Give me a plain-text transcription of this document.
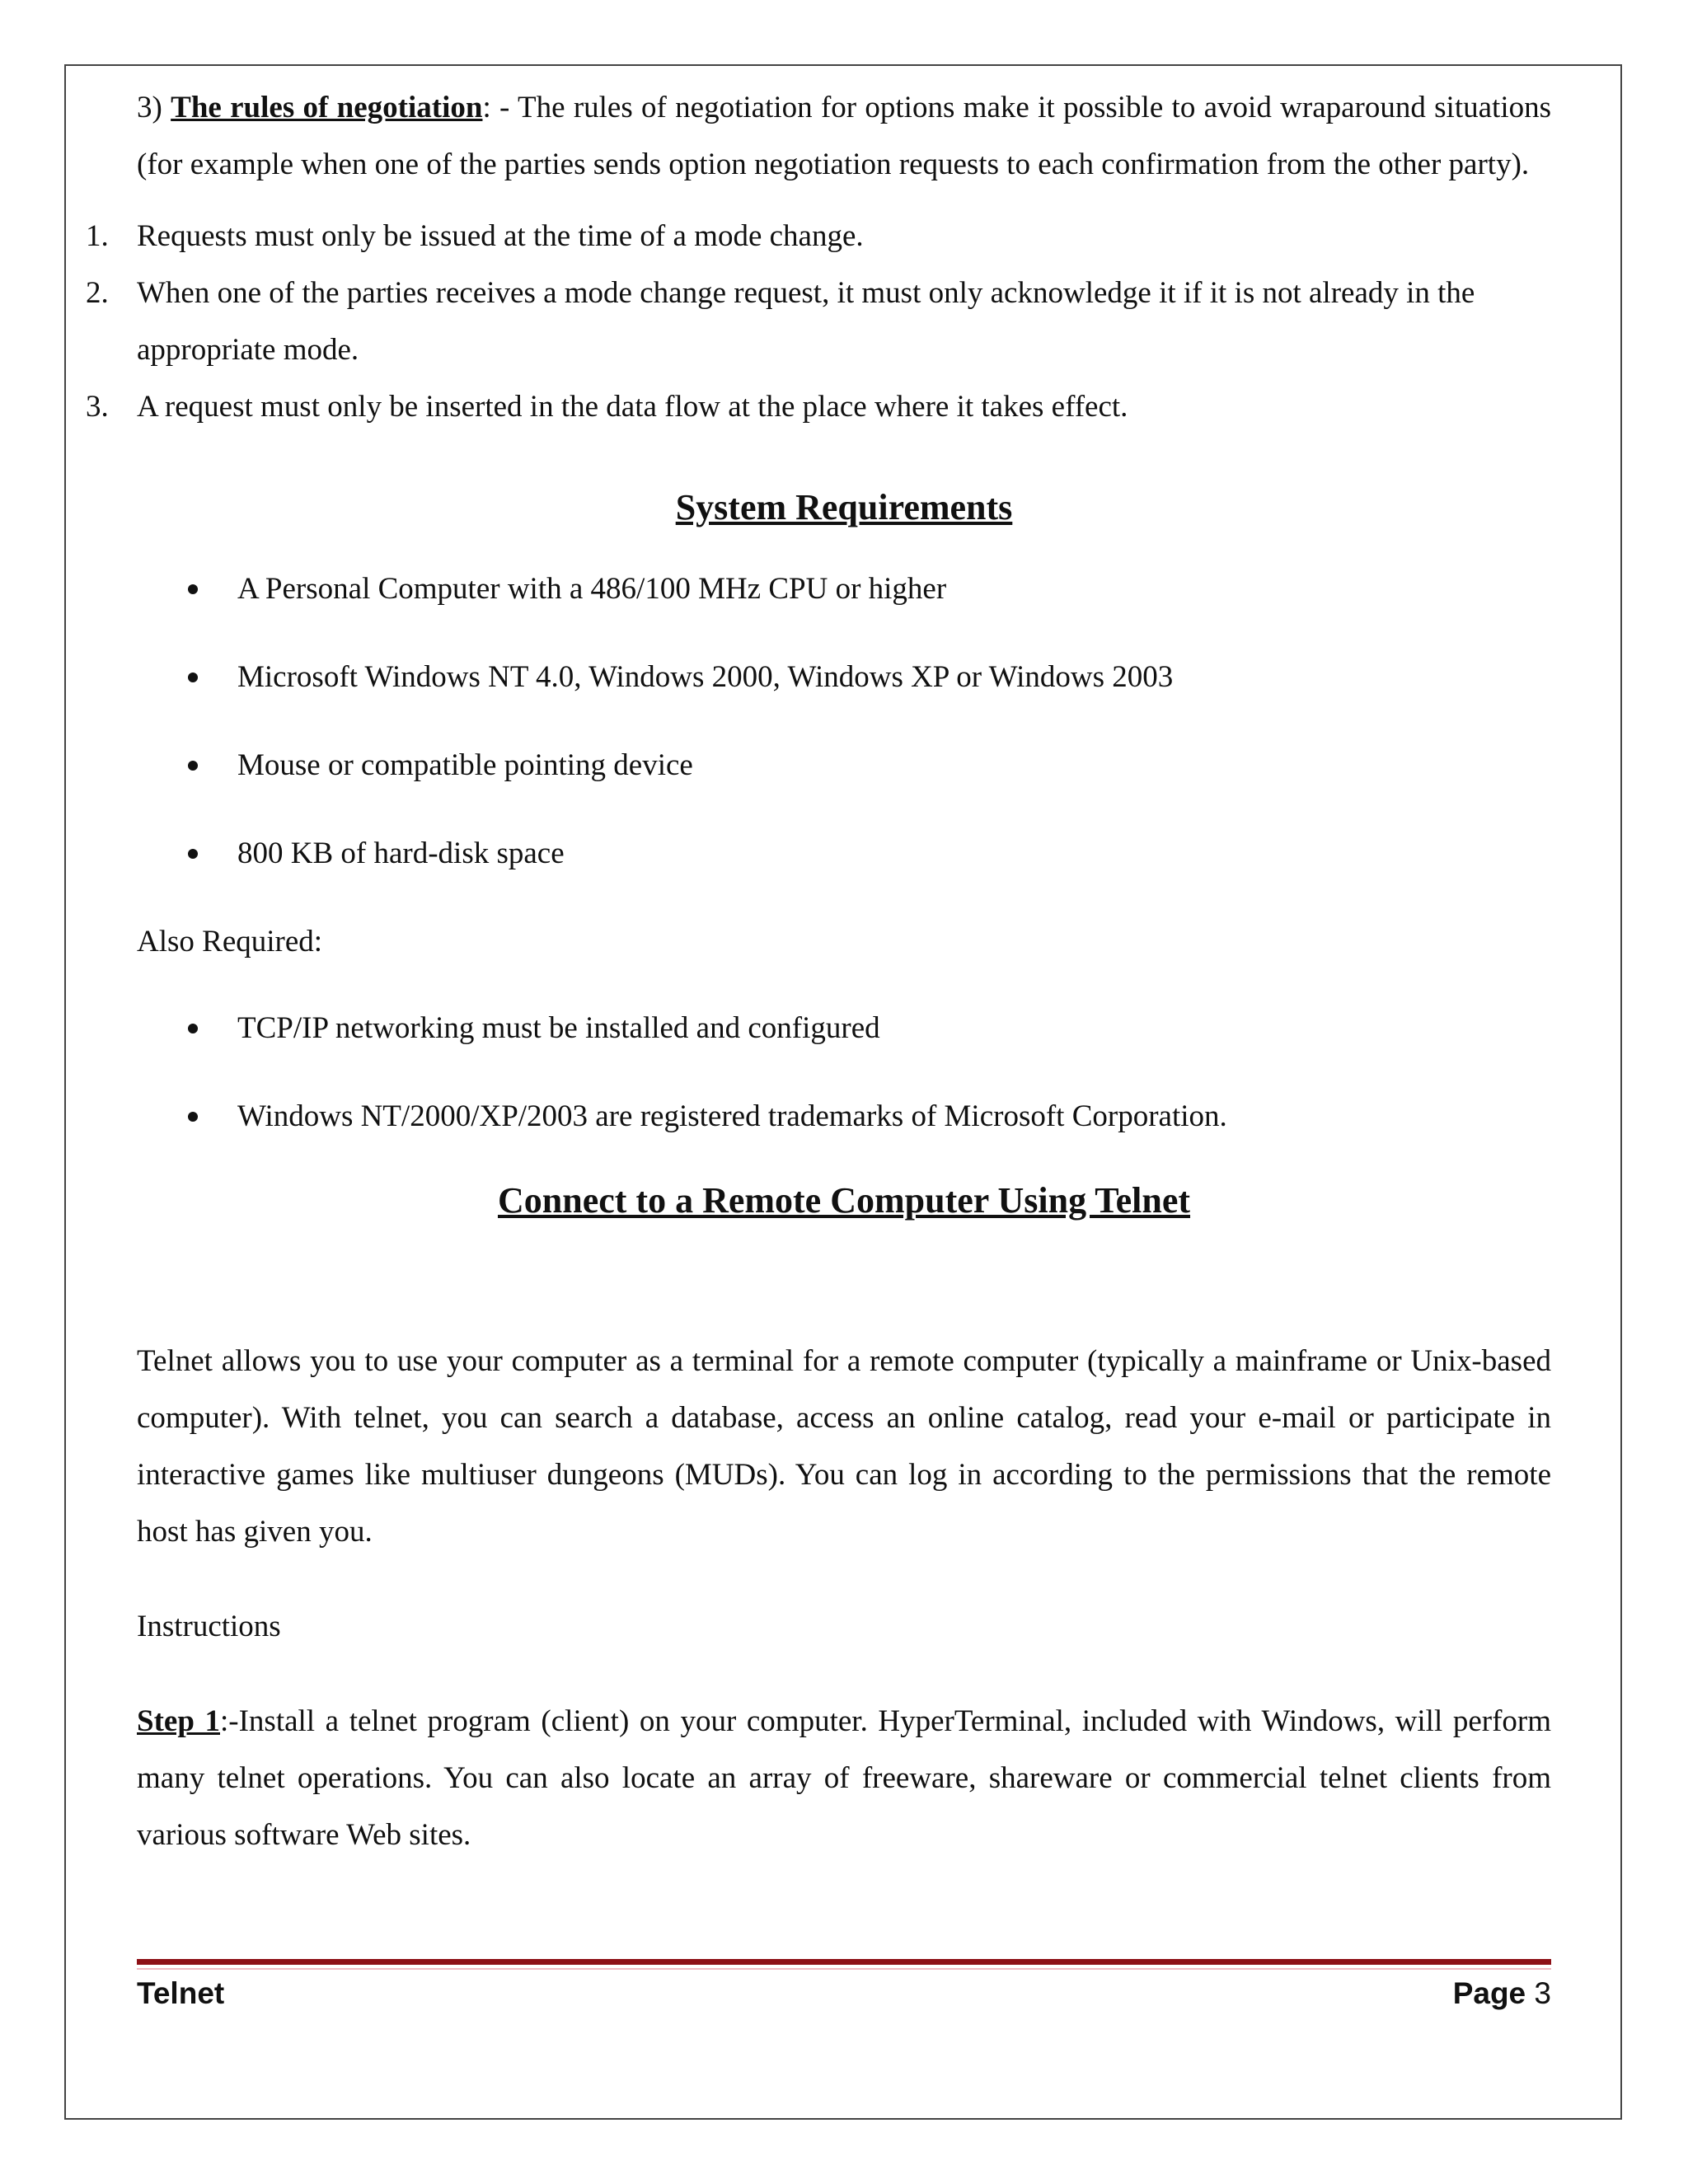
3) The rules of negotiation: - The rules of negotiation for options make it possible to avoid wraparound situations (for example when one of the parties sends option negotiation requests to each confirmation from the other party).

1. Requests must only be issued at the time of a mode change.
2. When one of the parties receives a mode change request, it must only acknowledge it if it is not already in the appropriate mode.
3. A request must only be inserted in the data flow at the place where it takes effect.
System Requirements
A Personal Computer with a 486/100 MHz CPU or higher
Microsoft Windows NT 4.0, Windows 2000, Windows XP or Windows 2003
Mouse or compatible pointing device
800 KB of hard-disk space

Also Required:

TCP/IP networking must be installed and configured
Windows NT/2000/XP/2003 are registered trademarks of Microsoft Corporation.
Connect to a Remote Computer Using Telnet

Telnet allows you to use your computer as a terminal for a remote computer (typically a mainframe or Unix-based computer). With telnet, you can search a database, access an online catalog, read your e-mail or participate in interactive games like multiuser dungeons (MUDs). You can log in according to the permissions that the remote host has given you.

Instructions

Step 1:-Install a telnet program (client) on your computer. HyperTerminal, included with Windows, will perform many telnet operations. You can also locate an array of freeware, shareware or commercial telnet clients from various software Web sites.

Telnet	Page 3
